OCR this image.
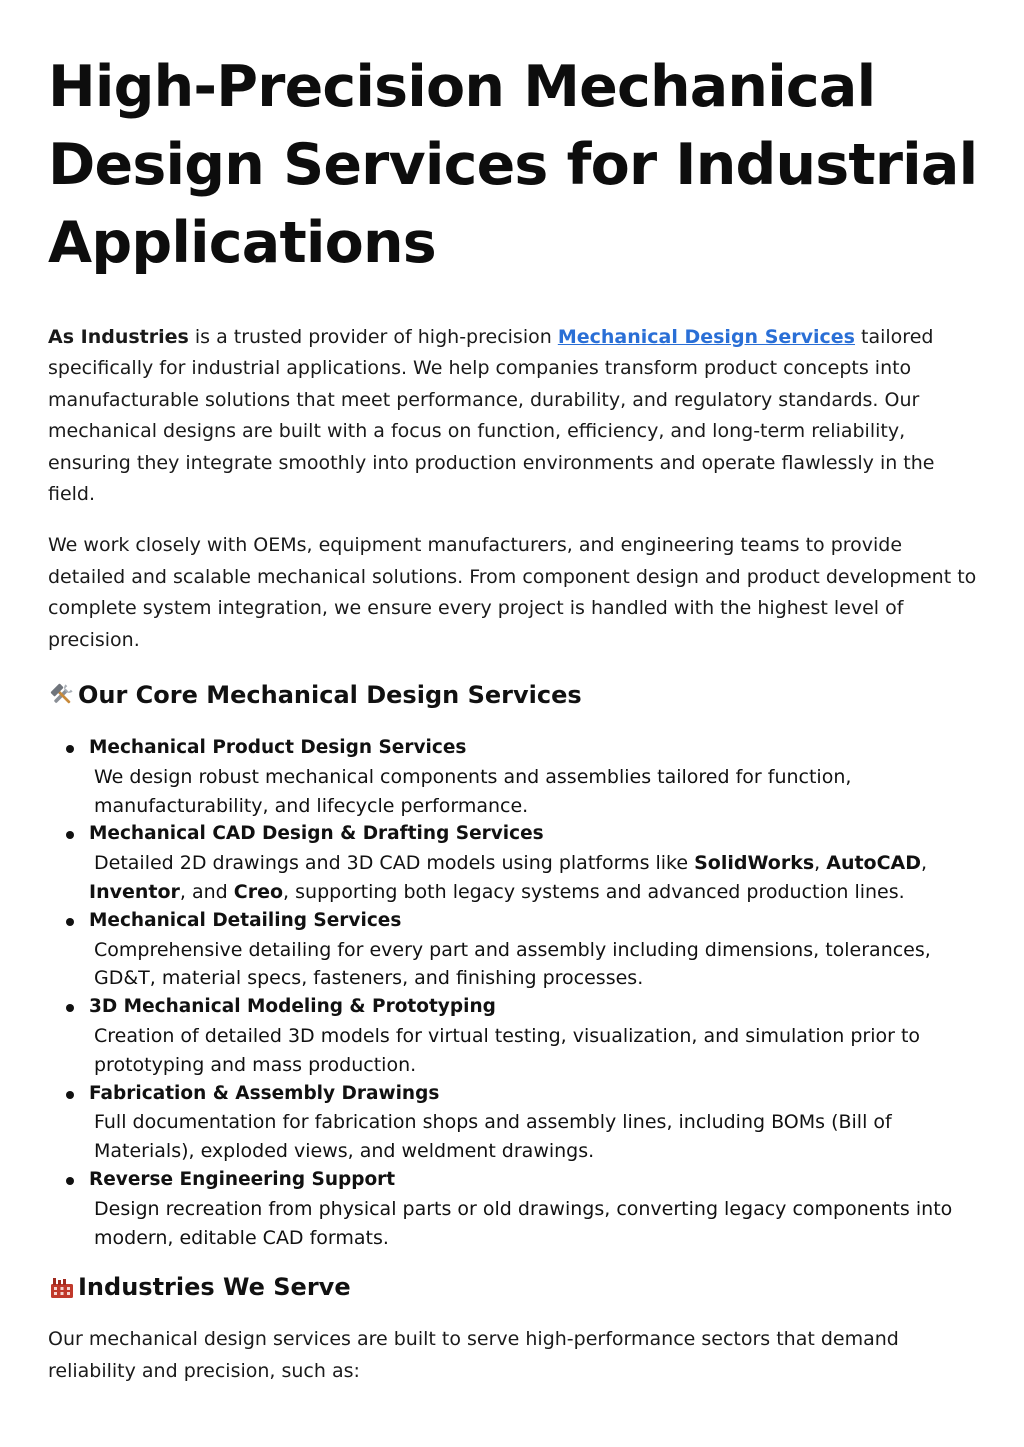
High-Precision Mechanical Design Services for Industrial Applications

As Industries is a trusted provider of high-precision Mechanical Design Services tailored specifically for industrial applications. We help companies transform product concepts into manufacturable solutions that meet performance, durability, and regulatory standards. Our mechanical designs are built with a focus on function, efficiency, and long-term reliability, ensuring they integrate smoothly into production environments and operate flawlessly in the field.

We work closely with OEMs, equipment manufacturers, and engineering teams to provide detailed and scalable mechanical solutions. From component design and product development to complete system integration, we ensure every project is handled with the highest level of precision.

Our Core Mechanical Design Services
Mechanical Product Design Services
We design robust mechanical components and assemblies tailored for function, manufacturability, and lifecycle performance.
Mechanical CAD Design & Drafting Services
Detailed 2D drawings and 3D CAD models using platforms like SolidWorks, AutoCAD, Inventor, and Creo, supporting both legacy systems and advanced production lines.
Mechanical Detailing Services
Comprehensive detailing for every part and assembly including dimensions, tolerances, GD&T, material specs, fasteners, and finishing processes.
3D Mechanical Modeling & Prototyping
Creation of detailed 3D models for virtual testing, visualization, and simulation prior to prototyping and mass production.
Fabrication & Assembly Drawings
Full documentation for fabrication shops and assembly lines, including BOMs (Bill of Materials), exploded views, and weldment drawings.
Reverse Engineering Support
Design recreation from physical parts or old drawings, converting legacy components into modern, editable CAD formats.
Industries We Serve

Our mechanical design services are built to serve high-performance sectors that demand reliability and precision, such as:
